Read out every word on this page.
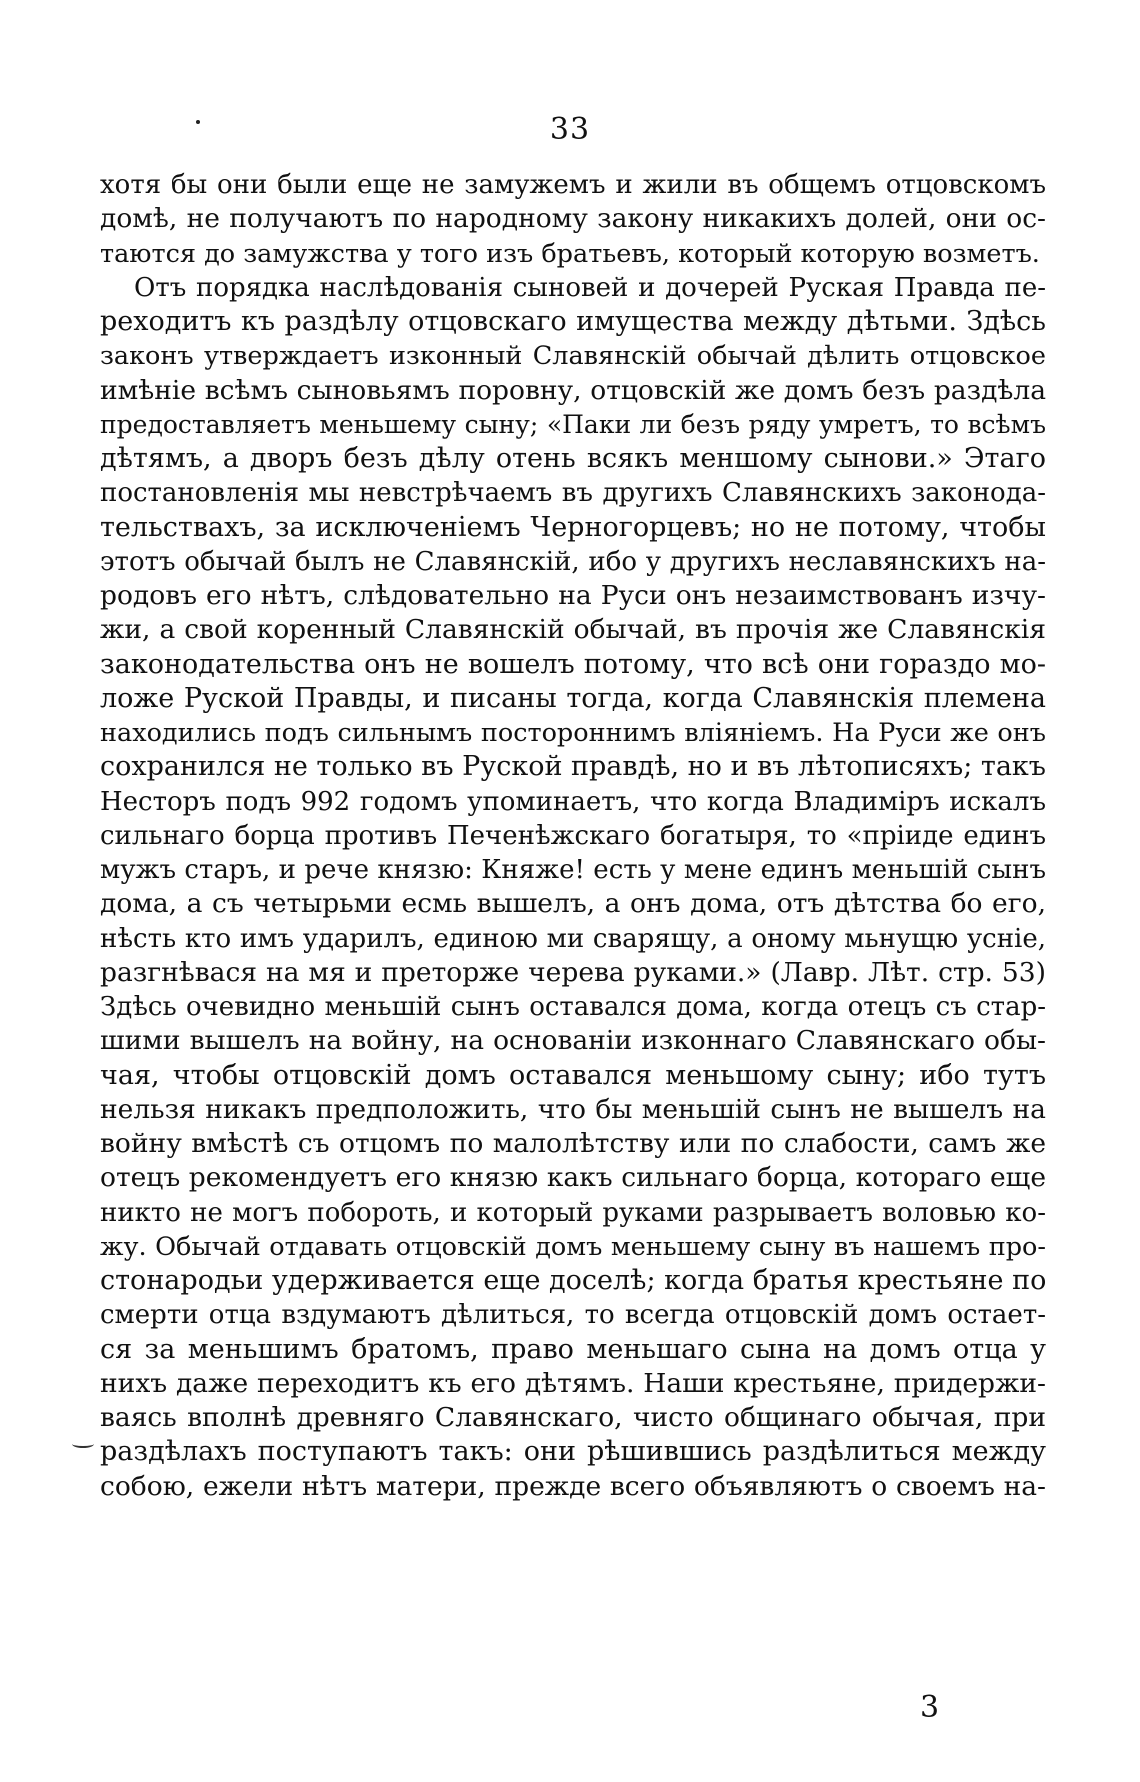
33
хотя бы они были еще не замужемъ и жили въ общемъ отцовскомъ
домѣ, не получаютъ по народному закону никакихъ долей, они ос-
таются до замужства у того изъ братьевъ, который которую возметъ.
Отъ порядка наслѣдованія сыновей и дочерей Руская Правда пе-
реходитъ къ раздѣлу отцовскаго имущества между дѣтьми. Здѣсь
законъ утверждаетъ изконный Славянскій обычай дѣлить отцовское
имѣніе всѣмъ сыновьямъ поровну, отцовскій же домъ безъ раздѣла
предоставляетъ меньшему сыну; «Паки ли безъ ряду умретъ, то всѣмъ
дѣтямъ, а дворъ безъ дѣлу отень всякъ меншому сынови.» Этаго
постановленія мы невстрѣчаемъ въ другихъ Славянскихъ законода-
тельствахъ, за исключеніемъ Черногорцевъ; но не потому, чтобы
этотъ обычай былъ не Славянскій, ибо у другихъ неславянскихъ на-
родовъ его нѣтъ, слѣдовательно на Руси онъ незаимствованъ изчу-
жи, а свой коренный Славянскій обычай, въ прочія же Славянскія
законодательства онъ не вошелъ потому, что всѣ они гораздо мо-
ложе Руской Правды, и писаны тогда, когда Славянскія племена
находились подъ сильнымъ постороннимъ вліяніемъ. На Руси же онъ
сохранился не только въ Руской правдѣ, но и въ лѣтописяхъ; такъ
Несторъ подъ 992 годомъ упоминаетъ, что когда Владиміръ искалъ
сильнаго борца противъ Печенѣжскаго богатыря, то «пріиде единъ
мужъ старъ, и рече князю: Княже! есть у мене единъ меньшій сынъ
дома, а съ четырьми есмь вышелъ, а онъ дома, отъ дѣтства бо его,
нѣсть кто имъ ударилъ, единою ми сварящу, а оному мьнущю усніе,
разгнѣвася на мя и преторже черева руками.» (Лавр. Лѣт. стр. 53)
Здѣсь очевидно меньшій сынъ оставался дома, когда отецъ съ стар-
шими вышелъ на войну, на основаніи изконнаго Славянскаго обы-
чая, чтобы отцовскій домъ оставался меньшому сыну; ибо тутъ
нельзя никакъ предположить, что бы меньшій сынъ не вышелъ на
войну вмѣстѣ съ отцомъ по малолѣтству или по слабости, самъ же
отецъ рекомендуетъ его князю какъ сильнаго борца, котораго еще
никто не могъ побороть, и который руками разрываетъ воловью ко-
жу. Обычай отдавать отцовскій домъ меньшему сыну въ нашемъ про-
стонародьи удерживается еще доселѣ; когда братья крестьяне по
смерти отца вздумаютъ дѣлиться, то всегда отцовскій домъ остает-
ся за меньшимъ братомъ, право меньшаго сына на домъ отца у
нихъ даже переходитъ къ его дѣтямъ. Наши крестьяне, придержи-
ваясь вполнѣ древняго Славянскаго, чисто общинаго обычая, при
раздѣлахъ поступаютъ такъ: они рѣшившись раздѣлиться между
собою, ежели нѣтъ матери, прежде всего объявляютъ о своемъ на-
3
